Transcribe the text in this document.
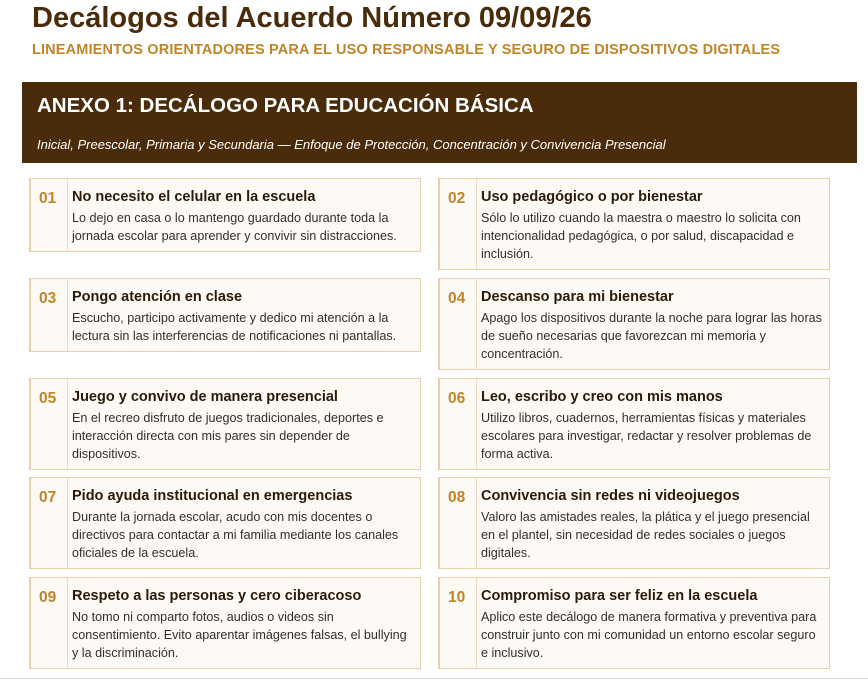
Decálogos del Acuerdo Número 09/09/26
LINEAMIENTOS ORIENTADORES PARA EL USO RESPONSABLE Y SEGURO DE DISPOSITIVOS DIGITALES
ANEXO 1: DECÁLOGO PARA EDUCACIÓN BÁSICA
Inicial, Preescolar, Primaria y Secundaria — Enfoque de Protección, Concentración y Convivencia Presencial
01	No necesito el celular en la escuela
Lo dejo en casa o lo mantengo guardado durante toda la jornada escolar para aprender y convivir sin distracciones.
02	Uso pedagógico o por bienestar
Sólo lo utilizo cuando la maestra o maestro lo solicita con intencionalidad pedagógica, o por salud, discapacidad e inclusión.
03	Pongo atención en clase
Escucho, participo activamente y dedico mi atención a la lectura sin las interferencias de notificaciones ni pantallas.
04	Descanso para mi bienestar
Apago los dispositivos durante la noche para lograr las horas de sueño necesarias que favorezcan mi memoria y concentración.
05	Juego y convivo de manera presencial
En el recreo disfruto de juegos tradicionales, deportes e interacción directa con mis pares sin depender de dispositivos.
06	Leo, escribo y creo con mis manos
Utilizo libros, cuadernos, herramientas físicas y materiales escolares para investigar, redactar y resolver problemas de forma activa.
07	Pido ayuda institucional en emergencias
Durante la jornada escolar, acudo con mis docentes o directivos para contactar a mi familia mediante los canales oficiales de la escuela.
08	Convivencia sin redes ni videojuegos
Valoro las amistades reales, la plática y el juego presencial en el plantel, sin necesidad de redes sociales o juegos digitales.
09	Respeto a las personas y cero ciberacoso
No tomo ni comparto fotos, audios o videos sin consentimiento. Evito aparentar imágenes falsas, el bullying y la discriminación.
10	Compromiso para ser feliz en la escuela
Aplico este decálogo de manera formativa y preventiva para construir junto con mi comunidad un entorno escolar seguro e inclusivo.
